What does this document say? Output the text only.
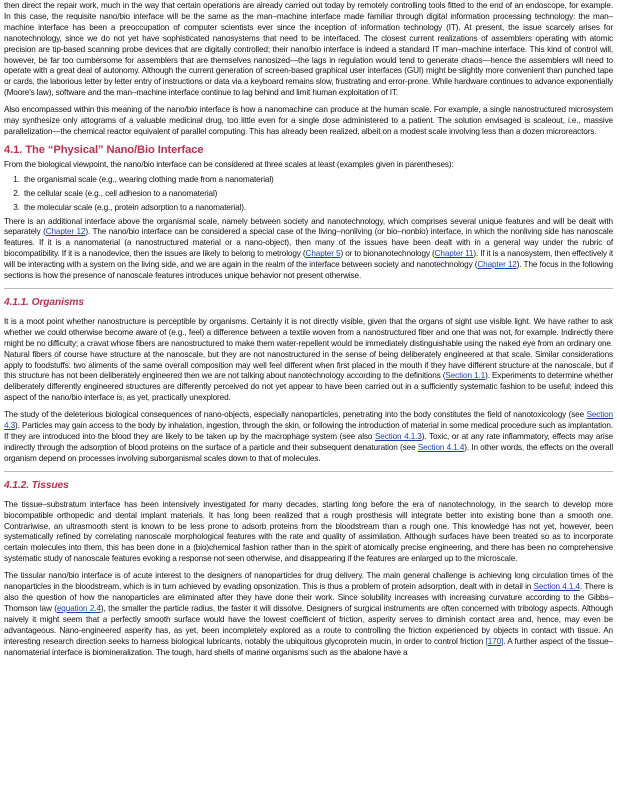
then direct the repair work, much in the way that certain operations are already carried out today by remotely controlling tools fitted to the end of an endoscope, for example. In this case, the requisite nano/bio interface will be the same as the man–machine interface made familiar through digital information processing technology: the man–machine interface has been a preoccupation of computer scientists ever since the inception of information technology (IT). At present, the issue scarcely arises for nanotechnology, since we do not yet have sophisticated nanosystems that need to be interfaced. The closest current realizations of assemblers operating with atomic precision are tip-based scanning probe devices that are digitally controlled; their nano/bio interface is indeed a standard IT man–machine interface. This kind of control will, however, be far too cumbersome for assemblers that are themselves nanosized—the lags in regulation would tend to generate chaos—hence the assemblers will need to operate with a great deal of autonomy. Although the current generation of screen-based graphical user interfaces (GUI) might be slightly more convenient than punched tape or cards, the laborious letter by letter entry of instructions or data via a keyboard remains slow, frustrating and error-prone. While hardware continues to advance exponentially (Moore's law), software and the man–machine interface continue to lag behind and limit human exploitation of IT.

Also encompassed within this meaning of the nano/bio interface is how a nanomachine can produce at the human scale. For example, a single nanostructured microsystem may synthesize only attograms of a valuable medicinal drug, too little even for a single dose administered to a patient. The solution envisaged is scaleout, i.e., massive parallelization—the chemical reactor equivalent of parallel computing. This has already been realized, albeit on a modest scale involving less than a dozen microreactors.

4.1. The “Physical” Nano/Bio Interface

From the biological viewpoint, the nano/bio interface can be considered at three scales at least (examples given in parentheses):

1. the organismal scale (e.g., wearing clothing made from a nanomaterial)
2. the cellular scale (e.g., cell adhesion to a nanomaterial)
3. the molecular scale (e.g., protein adsorption to a nanomaterial).

There is an additional interface above the organismal scale, namely between society and nanotechnology, which comprises several unique features and will be dealt with separately (Chapter 12). The nano/bio interface can be considered a special case of the living–nonliving (or bio–nonbio) interface, in which the nonliving side has nanoscale features. If it is a nanomaterial (a nanostructured material or a nano-object), then many of the issues have been dealt with in a general way under the rubric of biocompatibility. If it is a nanodevice, then the issues are likely to belong to metrology (Chapter 5) or to bionanotechnology (Chapter 11). If it is a nanosystem, then effectively it will be interacting with a system on the living side, and we are again in the realm of the interface between society and nanotechnology (Chapter 12). The focus in the following sections is how the presence of nanoscale features introduces unique behavior not present otherwise.

4.1.1. Organisms

It is a moot point whether nanostructure is perceptible by organisms. Certainly it is not directly visible, given that the organs of sight use visible light. We have rather to ask whether we could otherwise become aware of (e.g., feel) a difference between a textile woven from a nanostructured fiber and one that was not, for example. Indirectly there might be no difficulty; a cravat whose fibers are nanostructured to make them water-repellent would be immediately distinguishable using the naked eye from an ordinary one. Natural fibers of course have structure at the nanoscale, but they are not nanostructured in the sense of being deliberately engineered at that scale. Similar considerations apply to foodstuffs: two aliments of the same overall composition may well feel different when first placed in the mouth if they have different structure at the nanoscale, but if this structure has not been deliberately engineered then we are not talking about nanotechnology according to the definitions (Section 1.1). Experiments to determine whether deliberately differently engineered structures are differently perceived do not yet appear to have been carried out in a sufficiently systematic fashion to be useful; indeed this aspect of the nano/bio interface is, as yet, practically unexplored.

The study of the deleterious biological consequences of nano-objects, especially nanoparticles, penetrating into the body constitutes the field of nanotoxicology (see Section 4.3). Particles may gain access to the body by inhalation, ingestion, through the skin, or following the introduction of material in some medical procedure such as implantation. If they are introduced into the blood they are likely to be taken up by the macrophage system (see also Section 4.1.3). Toxic, or at any rate inflammatory, effects may arise indirectly through the adsorption of blood proteins on the surface of a particle and their subsequent denaturation (see Section 4.1.4). In other words, the effects on the overall organism depend on processes involving suborganismal scales down to that of molecules.

4.1.2. Tissues

The tissue–substratum interface has been intensively investigated for many decades, starting long before the era of nanotechnology, in the search to develop more biocompatible orthopedic and dental implant materials. It has long been realized that a rough prosthesis will integrate better into existing bone than a smooth one. Contrariwise, an ultrasmooth stent is known to be less prone to adsorb proteins from the bloodstream than a rough one. This knowledge has not yet, however, been systematically refined by correlating nanoscale morphological features with the rate and quality of assimilation. Although surfaces have been treated so as to incorporate certain molecules into them, this has been done in a (bio)chemical fashion rather than in the spirit of atomically precise engineering, and there has been no comprehensive systematic study of nanoscale features evoking a response not seen otherwise, and disappearing if the features are enlarged up to the microscale.

The tissular nano/bio interface is of acute interest to the designers of nanoparticles for drug delivery. The main general challenge is achieving long circulation times of the nanoparticles in the bloodstream, which is in turn achieved by evading opsonization. This is thus a problem of protein adsorption, dealt with in detail in Section 4.1.4. There is also the question of how the nanoparticles are eliminated after they have done their work. Since solubility increases with increasing curvature according to the Gibbs–Thomson law (equation 2.4), the smaller the particle radius, the faster it will dissolve. Designers of surgical instruments are often concerned with tribology aspects. Although naively it might seem that a perfectly smooth surface would have the lowest coefficient of friction, asperity serves to diminish contact area and, hence, may even be advantageous. Nano-engineered asperity has, as yet, been incompletely explored as a route to controlling the friction experienced by objects in contact with tissue. An interesting research direction seeks to harness biological lubricants, notably the ubiquitous glycoprotein mucin, in order to control friction [170]. A further aspect of the tissue–nanomaterial interface is biomineralization. The tough, hard shells of marine organisms such as the abalone have a
